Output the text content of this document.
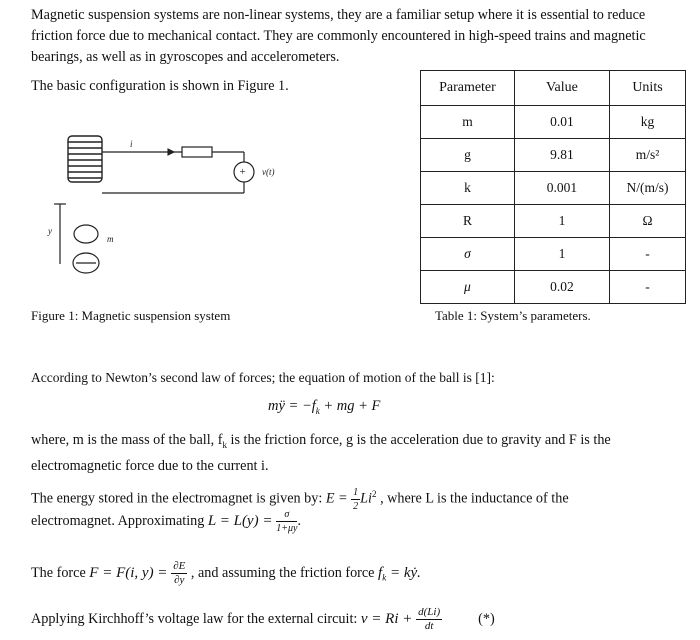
Magnetic suspension systems are non-linear systems, they are a familiar setup where it is essential to reduce friction force due to mechanical contact. They are commonly encountered in high-speed trains and magnetic bearings, as well as in gyroscopes and accelerometers.
The basic configuration is shown in Figure 1.
i
+ v(t)
y
m
Figure 1: Magnetic suspension system
Parameter	Value	Units
m	0.01	kg
g	9.81	m/s²
k	0.001	N/(m/s)
R	1	Ω
σ	1	-
μ	0.02	-
Table 1: System’s parameters.
According to Newton’s second law of forces; the equation of motion of the ball is [1]:
mÿ = $-f_k$ + mg + F
where, m is the mass of the ball, $f_k$ is the friction force, g is the acceleration due to gravity and F is the
electromagnetic force due to the current i.
The energy stored in the electromagnet is given by: $E = \frac{1}{2} Li^2$ , where L is the inductance of the
electromagnet. Approximating $L = L(y) = \frac{\sigma}{1+\mu y}$ .
The force F = F(i, $y) = \frac{\partial E}{\partial y}$ , and assuming the friction force $f_k$ = kẏ.
Applying Kirchhoff’s voltage law for the external circuit: $v = Ri + \frac{d(Li)}{dt}$	(*)
